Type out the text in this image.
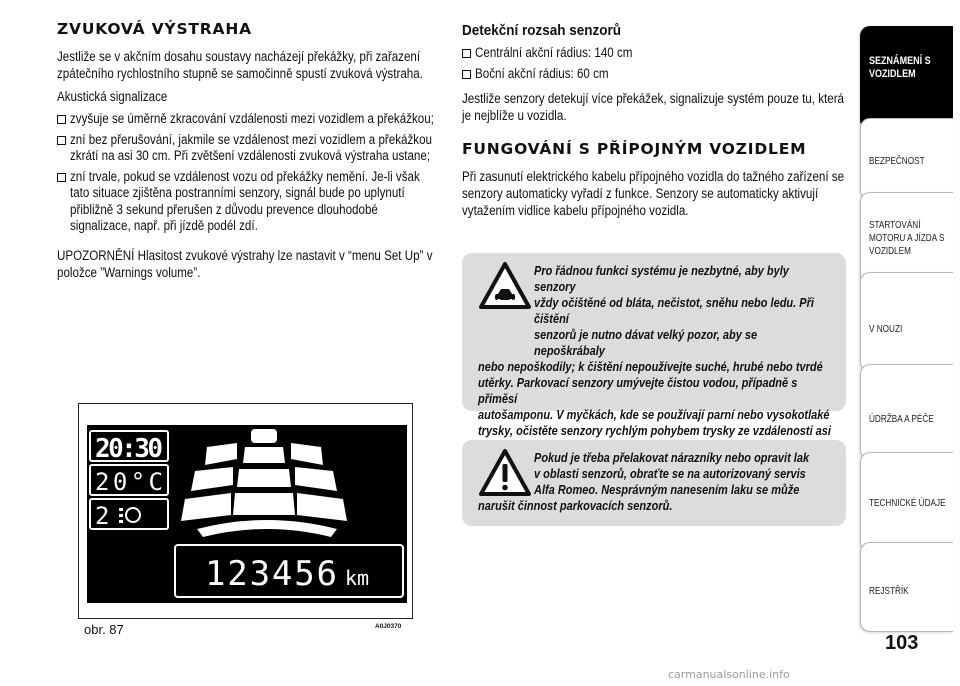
ZVUKOVÁ VÝSTRAHA

Jestliže se v akčním dosahu soustavy nacházejí překážky, při zařazení zpátečního rychlostního stupně se samočinně spustí zvuková výstraha.

Akustická signalizace

zvyšuje se úměrně zkracování vzdálenosti mezi vozidlem a překážkou;
zní bez přerušování, jakmile se vzdálenost mezi vozidlem a překážkou zkrátí na asi 30 cm. Při zvětšení vzdálenosti zvuková výstraha ustane;
zní trvale, pokud se vzdálenost vozu od překážky nemění. Je-li však tato situace zjištěna postranními senzory, signál bude po uplynutí přibližně 3 sekund přerušen z důvodu prevence dlouhodobé signalizace, např. při jízdě podél zdí.

UPOZORNĚNÍ Hlasitost zvukové výstrahy lze nastavit v “menu Set Up” v položce ”Warnings volume”.

Detekční rozsah senzorů
Centrální akční rádius: 140 cm
Boční akční rádius: 60 cm

Jestliže senzory detekují více překážek, signalizuje systém pouze tu, která je nejblíže u vozidla.

FUNGOVÁNÍ S PŘÍPOJNÝM VOZIDLEM

Při zasunutí elektrického kabelu přípojného vozidla do tažného zařízení se senzory automaticky vyřadí z funkce. Senzory se automaticky aktivují vytažením vidlice kabelu přípojného vozidla.

Pro řádnou funkci systému je nezbytné, aby byly senzory
vždy očištěné od bláta, nečistot, sněhu nebo ledu. Při čištění
senzorů je nutno dávat velký pozor, aby se nepoškrábaly
nebo nepoškodily; k čištění nepoužívejte suché, hrubé nebo tvrdé
utěrky. Parkovací senzory umývejte čistou vodou, případně s příměsí
autošamponu. V myčkách, kde se používají parní nebo vysokotlaké
trysky, očistěte senzory rychlým pohybem trysky ze vzdálenosti asi
Pokud je třeba přelakovat nárazníky nebo opravit lak
v oblasti senzorů, obraťte se na autorizovaný servis
Alfa Romeo. Nesprávným nanesením laku se může
narušit činnost parkovacích senzorů.
20:30
20°C
2
123456 km
obr. 87	A0J0370
SEZNÁMENÍ S
VOZIDLEM
BEZPEČNOST
STARTOVÁNÍ
MOTORU A JÍZDA S
VOZIDLEM
V NOUZI
ÚDRŽBA A PÉČE
TECHNICKÉ ÚDAJE
REJSTŘÍK
103
carmanualsonline.info
